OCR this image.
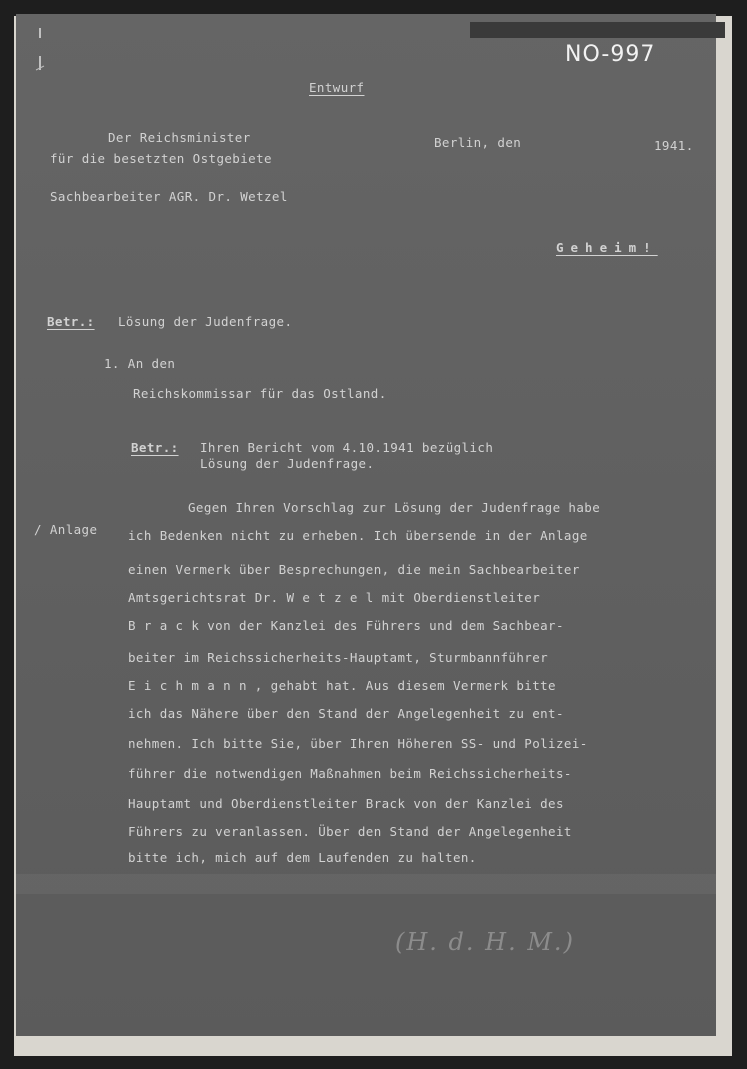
NO-997
Entwurf
Der Reichsminister
für die besetzten Ostgebiete
Berlin, den	1941.
Sachbearbeiter AGR. Dr. Wetzel
Geheim!
Betr.: Lösung der Judenfrage.
1. An den
Reichskommissar für das Ostland.
Betr.: Ihren Bericht vom 4.10.1941 bezüglich
Lösung der Judenfrage.
/ Anlage
Gegen Ihren Vorschlag zur Lösung der Judenfrage habe
ich Bedenken nicht zu erheben. Ich übersende in der Anlage
einen Vermerk über Besprechungen, die mein Sachbearbeiter
Amtsgerichtsrat Dr. W e t z e l mit Oberdienstleiter
B r a c k von der Kanzlei des Führers und dem Sachbear-
beiter im Reichssicherheits-Hauptamt, Sturmbannführer
E i c h m a n n , gehabt hat. Aus diesem Vermerk bitte
ich das Nähere über den Stand der Angelegenheit zu ent-
nehmen. Ich bitte Sie, über Ihren Höheren SS- und Polizei-
führer die notwendigen Maßnahmen beim Reichssicherheits-
Hauptamt und Oberdienstleiter Brack von der Kanzlei des
Führers zu veranlassen. Über den Stand der Angelegenheit
bitte ich, mich auf dem Laufenden zu halten.
(H. d. H. M.)
